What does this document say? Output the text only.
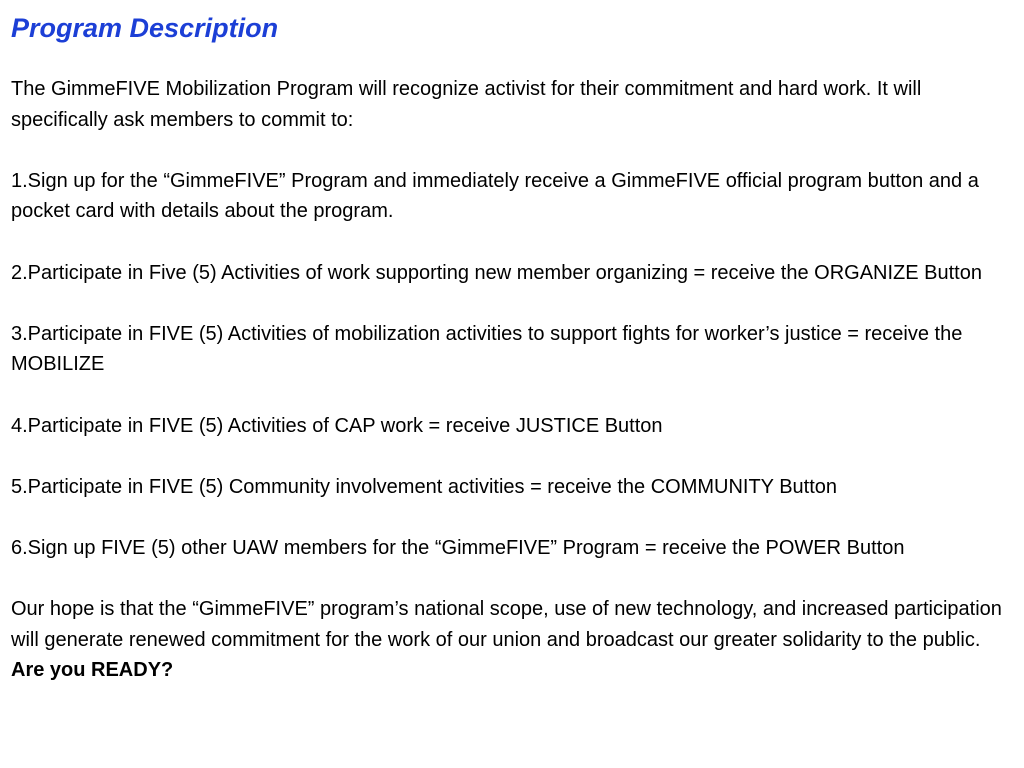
Program Description
The GimmeFIVE Mobilization Program will recognize activist for their commitment and hard work. It will specifically ask members to commit to:
1.Sign up for the “GimmeFIVE” Program and immediately receive a GimmeFIVE official program button and a pocket card with details about the program.
2.Participate in Five (5) Activities of work supporting new member organizing = receive the ORGANIZE Button
3.Participate in FIVE (5) Activities of mobilization activities to support fights for worker’s justice = receive the MOBILIZE
4.Participate in FIVE (5) Activities of CAP work = receive JUSTICE Button
5.Participate in FIVE (5) Community involvement activities = receive the COMMUNITY Button
6.Sign up FIVE (5) other UAW members for the “GimmeFIVE” Program = receive the POWER Button
Our hope is that the “GimmeFIVE” program’s national scope, use of new technology, and increased participation will generate renewed commitment for the work of our union and broadcast our greater solidarity to the public. Are you READY?
